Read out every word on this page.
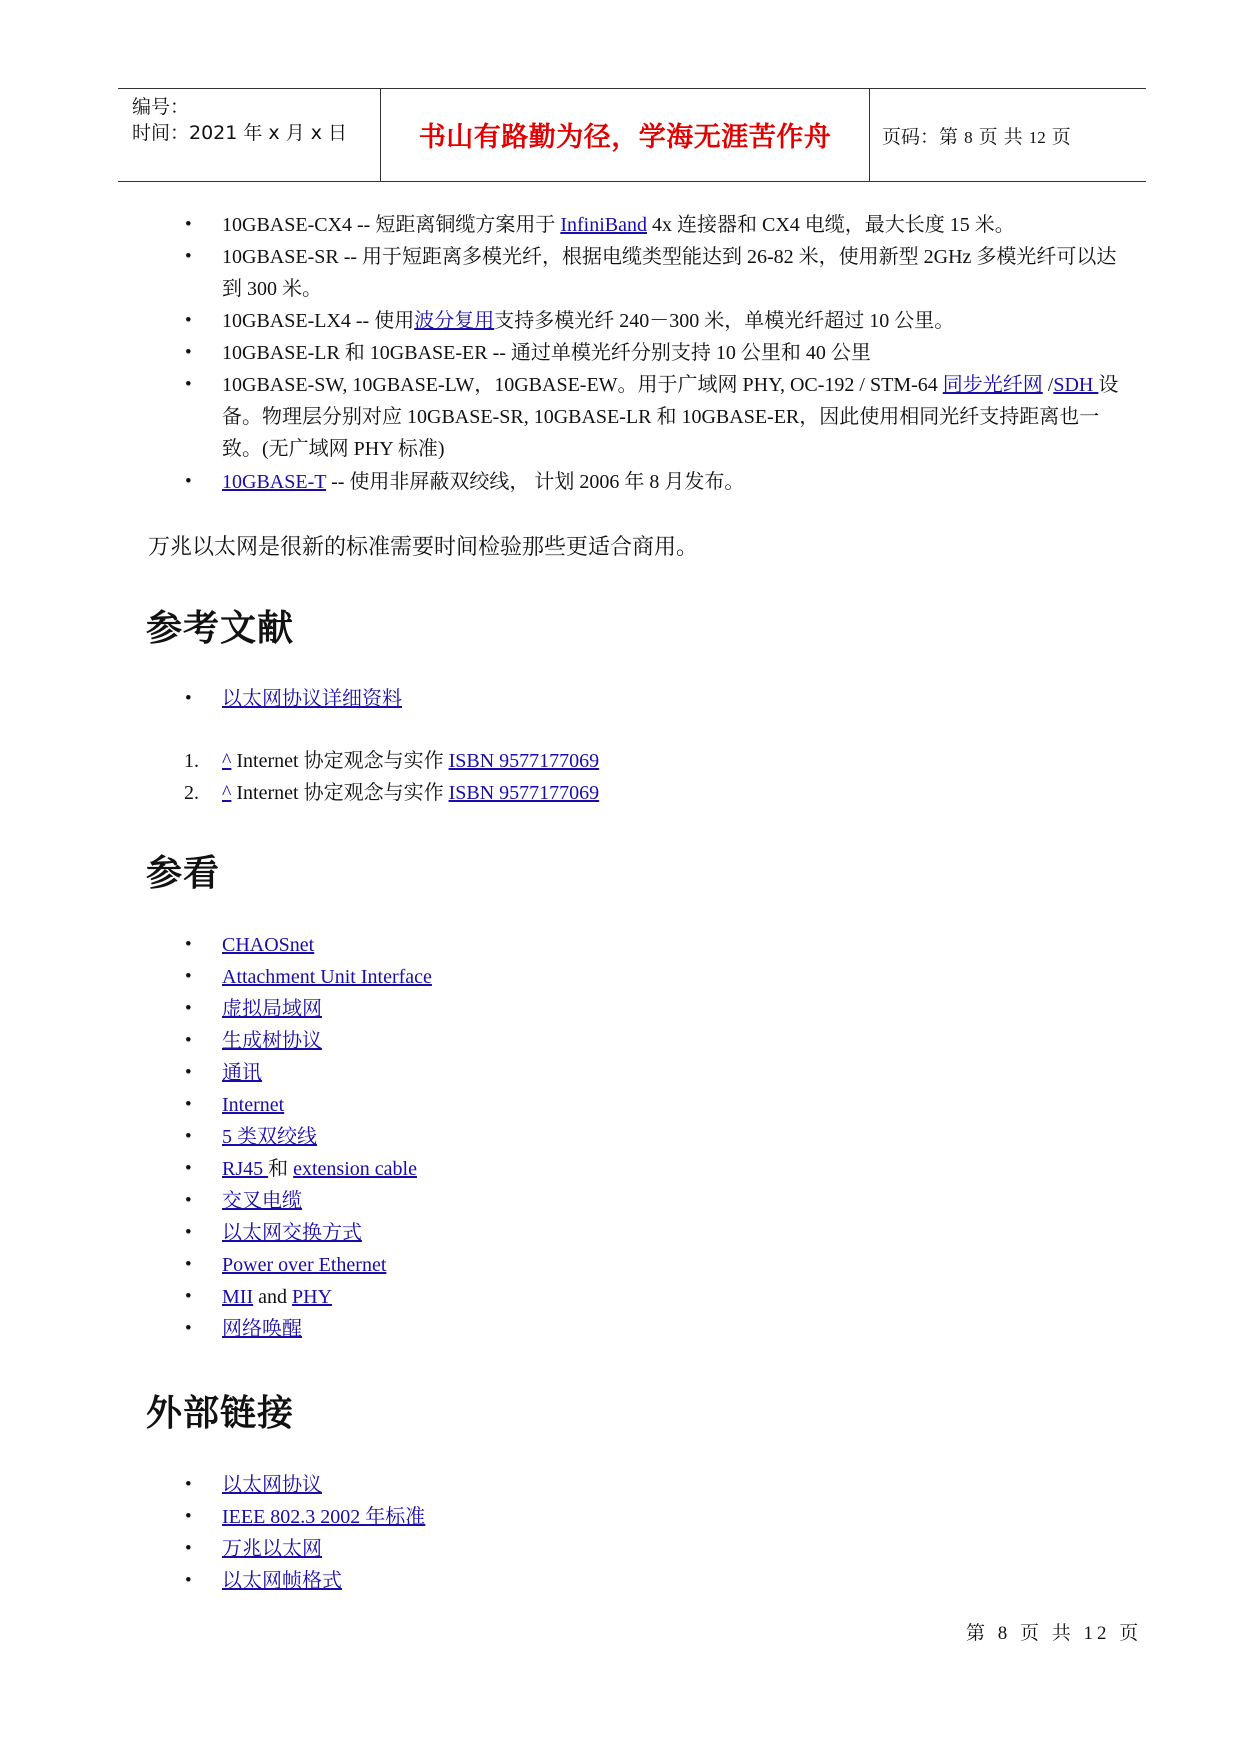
编号：
时间：2021 年 x 月 x 日	书山有路勤为径，学海无涯苦作舟	页码：第 8 页 共 12 页
• 10GBASE-CX4 -- 短距离铜缆方案用于 InfiniBand 4x 连接器和 CX4 电缆，最大长度 15 米。
• 10GBASE-SR -- 用于短距离多模光纤，根据电缆类型能达到 26-82 米，使用新型 2GHz 多模光纤可以达到 300 米。
• 10GBASE-LX4 -- 使用波分复用支持多模光纤 240－300 米，单模光纤超过 10 公里。
• 10GBASE-LR 和 10GBASE-ER -- 通过单模光纤分别支持 10 公里和 40 公里
• 10GBASE-SW, 10GBASE-LW，10GBASE-EW。用于广域网 PHY, OC-192 / STM-64 同步光纤网 /SDH 设备。物理层分别对应 10GBASE-SR, 10GBASE-LR 和 10GBASE-ER，因此使用相同光纤支持距离也一致。(无广域网 PHY 标准)
• 10GBASE-T -- 使用非屏蔽双绞线， 计划 2006 年 8 月发布。
万兆以太网是很新的标准需要时间检验那些更适合商用。
参考文献
• 以太网协议详细资料
1. ^ Internet 协定观念与实作 ISBN 9577177069
2. ^ Internet 协定观念与实作 ISBN 9577177069
参看
• CHAOSnet
• Attachment Unit Interface
• 虚拟局域网
• 生成树协议
• 通讯
• Internet
• 5 类双绞线
• RJ45 和 extension cable
• 交叉电缆
• 以太网交换方式
• Power over Ethernet
• MII and PHY
• 网络唤醒
外部链接
• 以太网协议
• IEEE 802.3 2002 年标准
• 万兆以太网
• 以太网帧格式
第 8 页 共 12 页
